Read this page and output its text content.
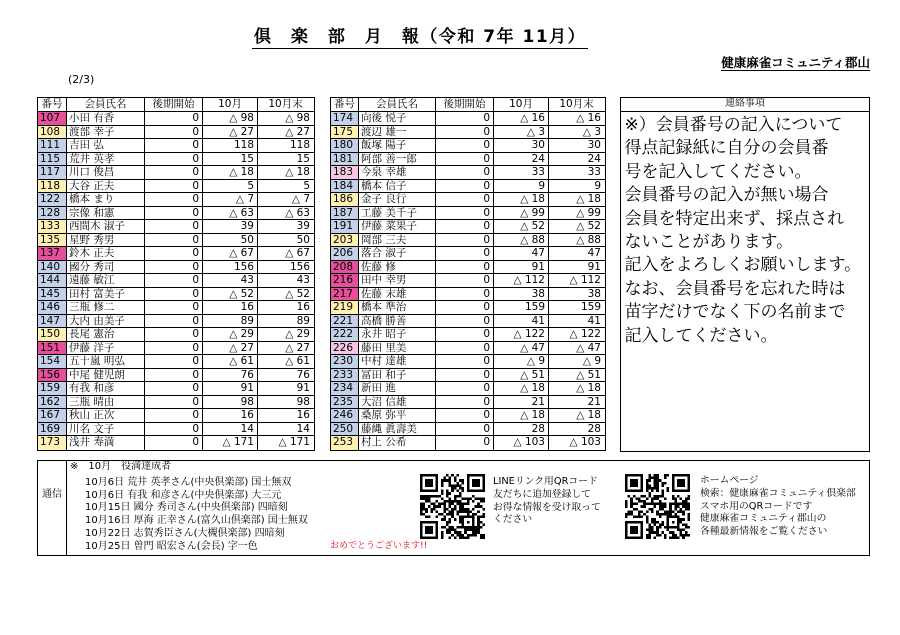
倶　楽　部　月　報（令和 7年 11月）
健康麻雀コミュニティ郡山
(2/3)
番号	会員氏名	後期開始	10月	10月末
107 小田 有香	0	△ 98	△ 98
108 渡部 幸子	0	△ 27	△ 27
111 吉田 弘	0	118	118
115 荒井 英孝	0	15	15
117 川口 俊昌	0	△ 18	△ 18
118 大谷 正夫	0	5	5
122 橋本 まり	0	△ 7	△ 7
128 宗像 和憲	0	△ 63	△ 63
133 西間木 淑子	0	39	39
135 星野 秀男	0	50	50
137 鈴木 正夫	0	△ 67	△ 67
140 國分 秀司	0	156	156
144 遠藤 敏江	0	43	43
145 田村 富美子	0	△ 52	△ 52
146 三瓶 修二	0	16	16
147 大内 由美子	0	89	89
150 長尾 憲治	0	△ 29	△ 29
151 伊藤 洋子	0	△ 27	△ 27
154 五十嵐 明弘	0	△ 61	△ 61
156 中尾 健児朗	0	76	76
159 有我 和彦	0	91	91
162 三瓶 晴由	0	98	98
167 秋山 正次	0	16	16
169 川名 文子	0	14	14
173 浅井 寿満	0	△ 171	△ 171
番号	会員氏名	後期開始	10月	10月末
174 向後 悦子	0	△ 16	△ 16
175 渡辺 雄一	0	△ 3	△ 3
180 飯塚 陽子	0	30	30
181 阿部 善一郎	0	24	24
183 今泉 幸雄	0	33	33
184 橋本 信子	0	9	9
186 金子 良行	0	△ 18	△ 18
187 工藤 美千子	0	△ 99	△ 99
191 伊藤 菜果子	0	△ 52	△ 52
203 岡部 三夫	0	△ 88	△ 88
206 落合 淑子	0	47	47
208 佐藤 修	0	91	91
216 田中 幸男	0	△ 112	△ 112
217 佐藤 末雄	0	38	38
219 橋本 準治	0	159	159
221 高橋 勝善	0	41	41
222 永井 昭子	0	△ 122	△ 122
226 藤田 里美	0	△ 47	△ 47
230 中村 達雄	0	△ 9	△ 9
233 冨田 和子	0	△ 51	△ 51
234 新田 進	0	△ 18	△ 18
235 大沼 信雄	0	21	21
246 桑原 弥平	0	△ 18	△ 18
250 藤縄 眞壽美	0	28	28
253 村上 公希	0	△ 103	△ 103
連絡事項
※）会員番号の記入について
得点記録紙に自分の会員番
号を記入してください。
会員番号の記入が無い場合
会員を特定出来ず、採点され
ないことがあります。
記入をよろしくお願いします。
なお、会員番号を忘れた時は
苗字だけでなく下の名前まで
記入してください。
通信
※　10月　役満達成者
10月6日 荒井 英孝さん(中央倶楽部) 国士無双
10月6日 有我 和彦さん(中央倶楽部) 大三元
10月15日 國分 秀司さん(中央倶楽部) 四暗刻
10月16日 厚海 正幸さん(富久山倶楽部) 国士無双
10月22日 志賀秀臣さん(大槻倶楽部) 四暗刻
10月25日 曽門 昭宏さん(会長) 字一色	おめでとうございます!!
LINEリンク用QRコード
友だちに追加登録して
お得な情報を受け取って
ください
ホームページ
検索：健康麻雀コミュニティ倶楽部
スマホ用のQRコードです
健康麻雀コミュニティ郡山の
各種最新情報をご覧ください
